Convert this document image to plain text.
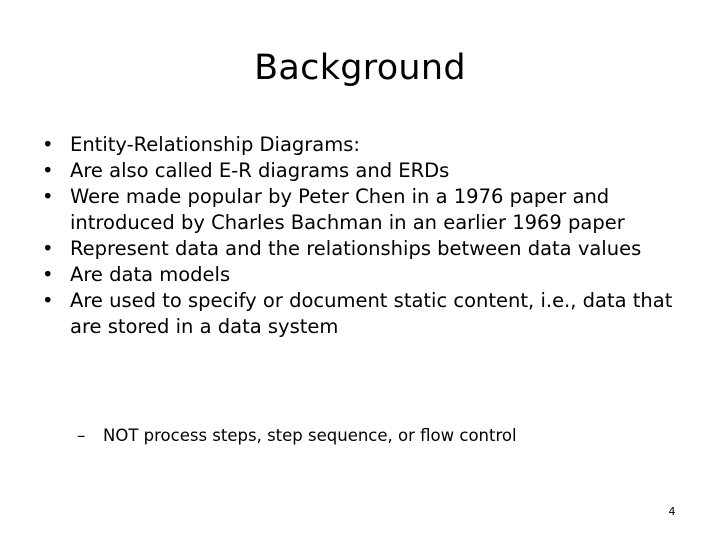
Background
• Entity-Relationship Diagrams:
• Are also called E-R diagrams and ERDs
• Were made popular by Peter Chen in a 1976 paper and introduced by Charles Bachman in an earlier 1969 paper
• Represent data and the relationships between data values
• Are data models
• Are used to specify or document static content, i.e., data that are stored in a data system
– NOT process steps, step sequence, or flow control
4
